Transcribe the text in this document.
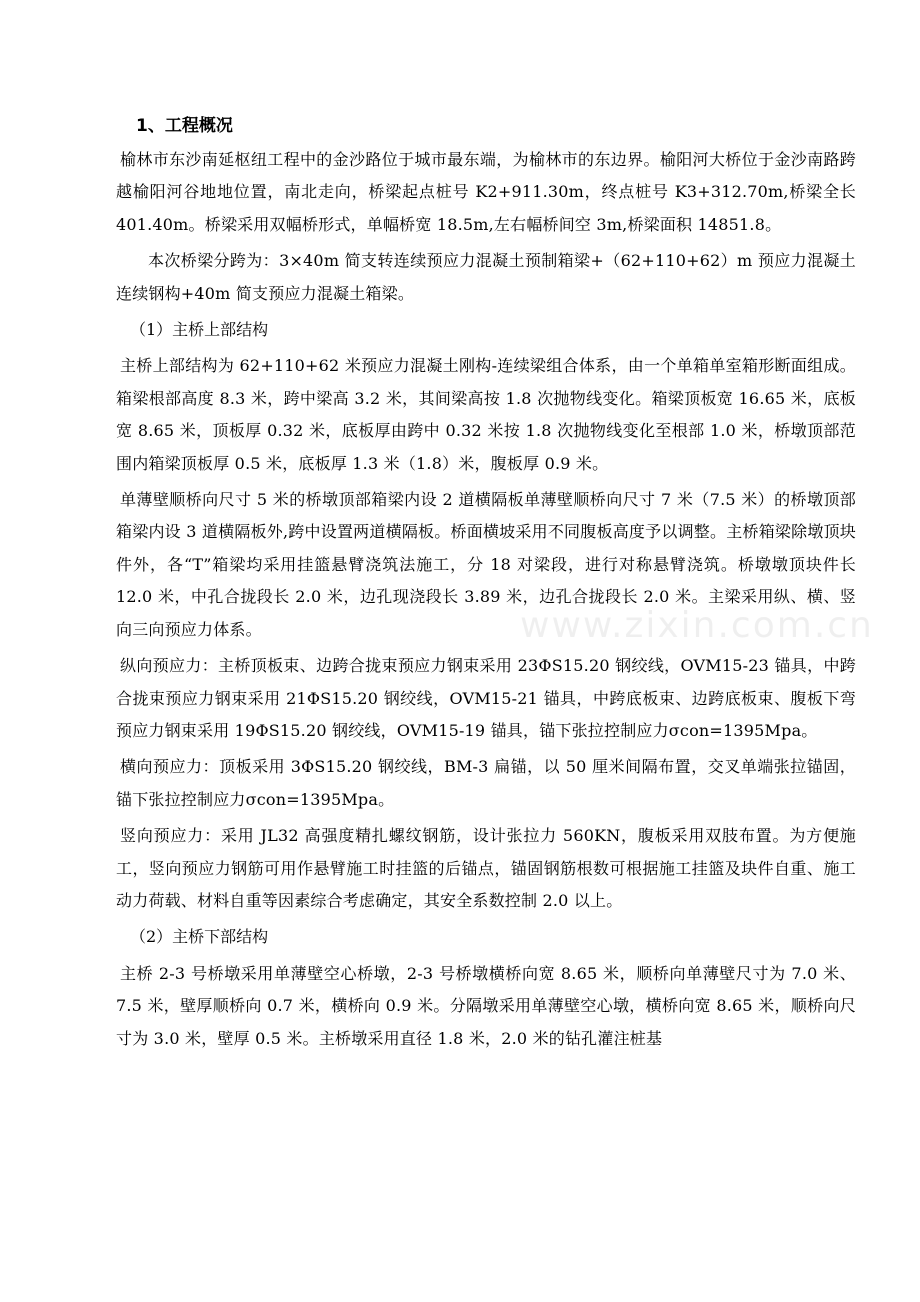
1、工程概况

榆林市东沙南延枢纽工程中的金沙路位于城市最东端，为榆林市的东边界。榆阳河大桥位于金沙南路跨越榆阳河谷地地位置，南北走向，桥梁起点桩号 K2+911.30m，终点桩号 K3+312.70m,桥梁全长 401.40m。桥梁采用双幅桥形式，单幅桥宽 18.5m,左右幅桥间空 3m,桥梁面积 14851.8。

本次桥梁分跨为：3×40m 简支转连续预应力混凝土预制箱梁+（62+110+62）m 预应力混凝土连续钢构+40m 简支预应力混凝土箱梁。

（1）主桥上部结构

主桥上部结构为 62+110+62 米预应力混凝土刚构-连续梁组合体系，由一个单箱单室箱形断面组成。箱梁根部高度 8.3 米，跨中梁高 3.2 米，其间梁高按 1.8 次抛物线变化。箱梁顶板宽 16.65 米，底板宽 8.65 米，顶板厚 0.32 米，底板厚由跨中 0.32 米按 1.8 次抛物线变化至根部 1.0 米，桥墩顶部范围内箱梁顶板厚 0.5 米，底板厚 1.3 米（1.8）米，腹板厚 0.9 米。

单薄壁顺桥向尺寸 5 米的桥墩顶部箱梁内设 2 道横隔板单薄壁顺桥向尺寸 7 米（7.5 米）的桥墩顶部箱梁内设 3 道横隔板外,跨中设置两道横隔板。桥面横坡采用不同腹板高度予以调整。主桥箱梁除墩顶块件外，各“T”箱梁均采用挂篮悬臂浇筑法施工，分 18 对梁段，进行对称悬臂浇筑。桥墩墩顶块件长 12.0 米，中孔合拢段长 2.0 米，边孔现浇段长 3.89 米，边孔合拢段长 2.0 米。主梁采用纵、横、竖向三向预应力体系。

纵向预应力：主桥顶板束、边跨合拢束预应力钢束采用 23ΦS15.20 钢绞线，OVM15-23 锚具，中跨合拢束预应力钢束采用 21ΦS15.20 钢绞线，OVM15-21 锚具，中跨底板束、边跨底板束、腹板下弯预应力钢束采用 19ΦS15.20 钢绞线，OVM15-19 锚具，锚下张拉控制应力σcon=1395Mpa。

横向预应力：顶板采用 3ΦS15.20 钢绞线，BM-3 扁锚，以 50 厘米间隔布置，交叉单端张拉锚固，锚下张拉控制应力σcon=1395Mpa。

竖向预应力：采用 JL32 高强度精扎螺纹钢筋，设计张拉力 560KN，腹板采用双肢布置。为方便施工，竖向预应力钢筋可用作悬臂施工时挂篮的后锚点，锚固钢筋根数可根据施工挂篮及块件自重、施工动力荷载、材料自重等因素综合考虑确定，其安全系数控制 2.0 以上。

（2）主桥下部结构

主桥 2-3 号桥墩采用单薄壁空心桥墩，2-3 号桥墩横桥向宽 8.65 米，顺桥向单薄壁尺寸为 7.0 米、7.5 米，壁厚顺桥向 0.7 米，横桥向 0.9 米。分隔墩采用单薄壁空心墩，横桥向宽 8.65 米，顺桥向尺寸为 3.0 米，壁厚 0.5 米。主桥墩采用直径 1.8 米，2.0 米的钻孔灌注桩基

www.zixin.com.cn
